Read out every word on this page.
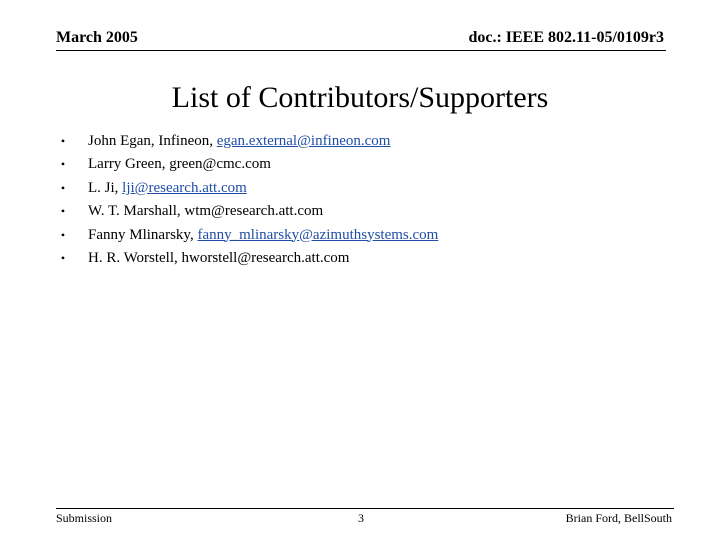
March 2005	doc.: IEEE 802.11-05/0109r3
List of Contributors/Supporters
• John Egan, Infineon, egan.external@infineon.com
• Larry Green, green@cmc.com
• L. Ji, lji@research.att.com
• W. T. Marshall, wtm@research.att.com
• Fanny Mlinarsky, fanny_mlinarsky@azimuthsystems.com
• H. R. Worstell, hworstell@research.att.com
Submission	3	Brian Ford, BellSouth
